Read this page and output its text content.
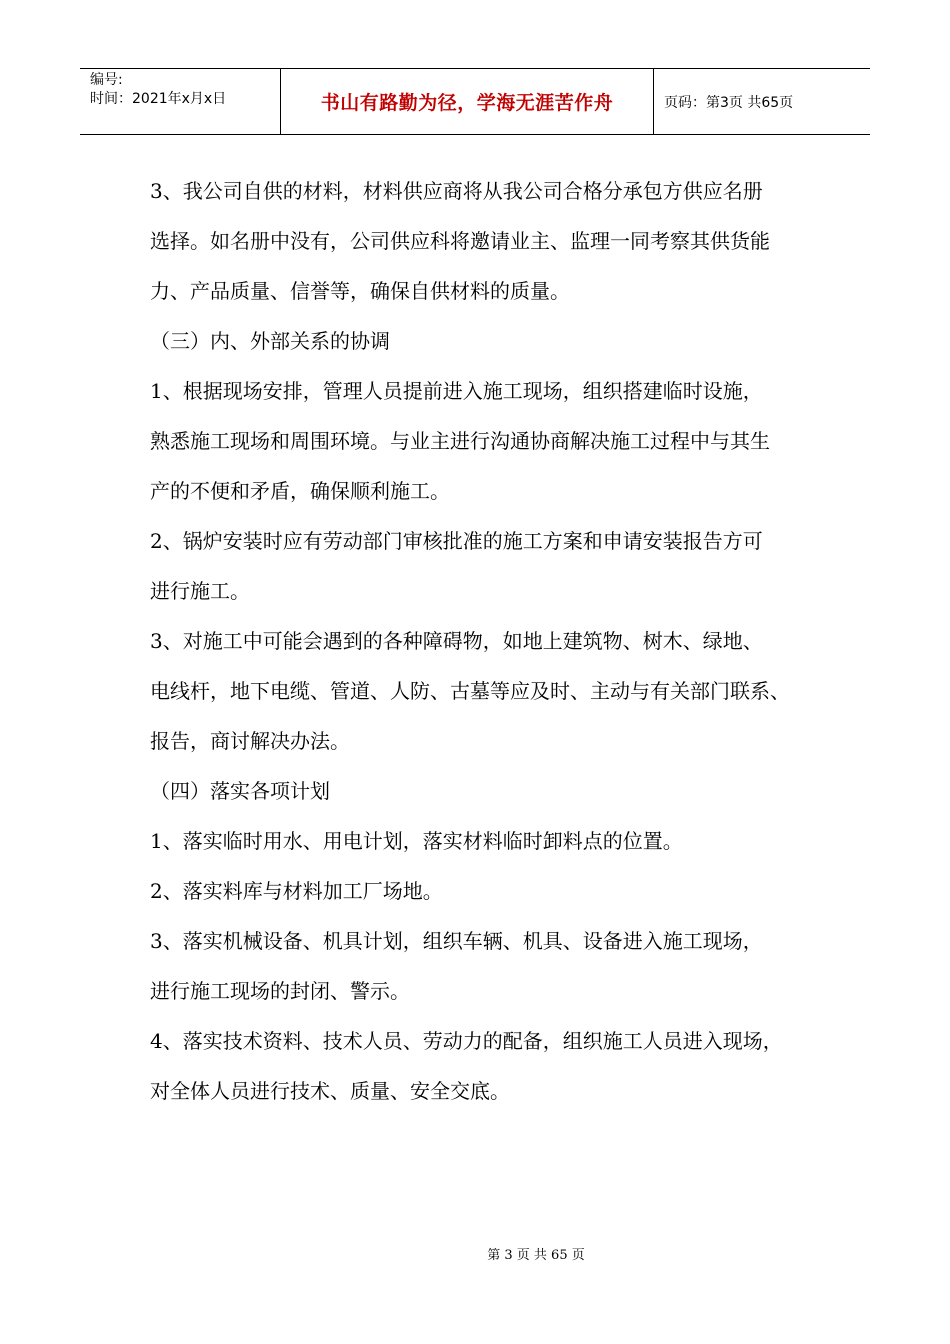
编号:
时间：2021年x月x日	书山有路勤为径，学海无涯苦作舟	页码：第3页 共65页

3、我公司自供的材料，材料供应商将从我公司合格分承包方供应名册

选择。如名册中没有，公司供应科将邀请业主、监理一同考察其供货能

力、产品质量、信誉等，确保自供材料的质量。

（三）内、外部关系的协调

1、根据现场安排，管理人员提前进入施工现场，组织搭建临时设施，

熟悉施工现场和周围环境。与业主进行沟通协商解决施工过程中与其生

产的不便和矛盾，确保顺利施工。

2、锅炉安装时应有劳动部门审核批准的施工方案和申请安装报告方可

进行施工。

3、对施工中可能会遇到的各种障碍物，如地上建筑物、树木、绿地、

电线杆，地下电缆、管道、人防、古墓等应及时、主动与有关部门联系、

报告，商讨解决办法。

（四）落实各项计划

1、落实临时用水、用电计划，落实材料临时卸料点的位置。

2、落实料库与材料加工厂场地。

3、落实机械设备、机具计划，组织车辆、机具、设备进入施工现场，

进行施工现场的封闭、警示。

4、落实技术资料、技术人员、劳动力的配备，组织施工人员进入现场，

对全体人员进行技术、质量、安全交底。

第 3 页 共 65 页
